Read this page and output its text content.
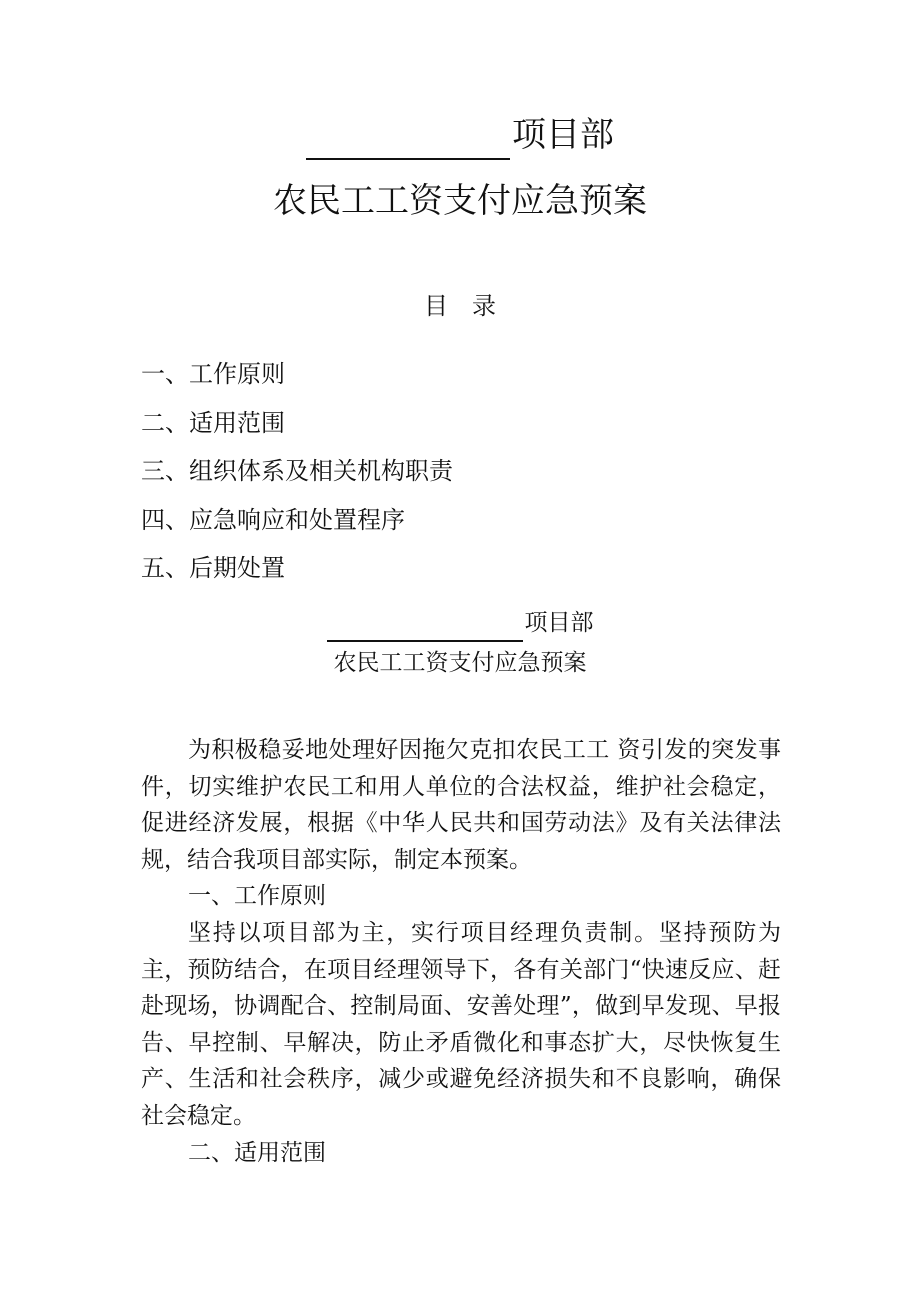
项目部
农民工工资支付应急预案
目录
一、工作原则
二、适用范围
三、组织体系及相关机构职责
四、应急响应和处置程序
五、后期处置
项目部
农民工工资支付应急预案

为积极稳妥地处理好因拖欠克扣农民工工 资引发的突发事件，切实维护农民工和用人单位的合法权益，维护社会稳定，促进经济发展，根据《中华人民共和国劳动法》及有关法律法规，结合我项目部实际，制定本预案。

一、工作原则

坚持以项目部为主，实行项目经理负责制。坚持预防为主，预防结合，在项目经理领导下，各有关部门“快速反应、赶赴现场，协调配合、控制局面、安善处理”，做到早发现、早报告、早控制、早解决，防止矛盾微化和事态扩大，尽快恢复生产、生活和社会秩序，减少或避免经济损失和不良影响，确保社会稳定。

二、适用范围
